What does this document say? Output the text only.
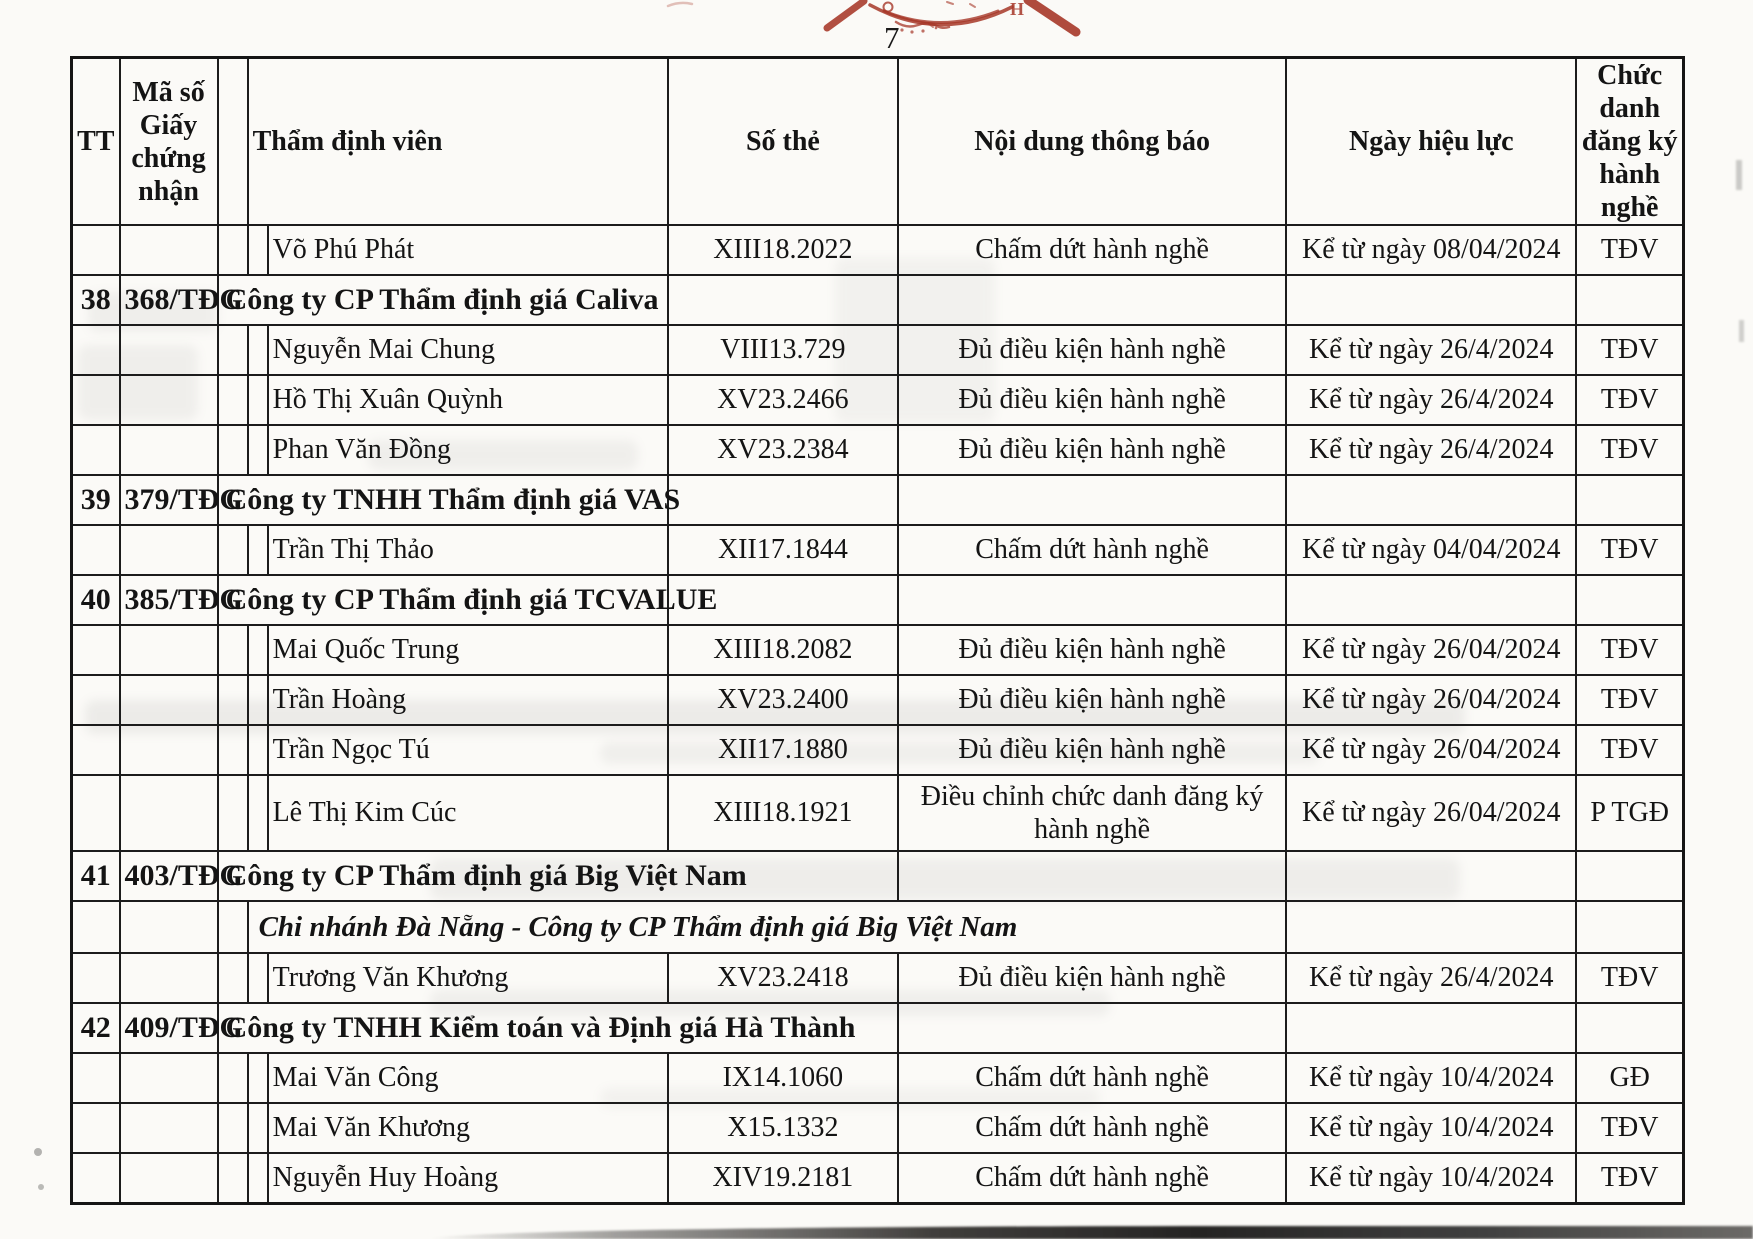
H
7
TT	Mã số Giấy chứng nhận		Thẩm định viên		Số thẻ	Nội dung thông báo	Ngày hiệu lực	Chức danh đăng ký hành nghề
				Võ Phú Phát	XIII18.2022	Chấm dứt hành nghề	Kể từ ngày 08/04/2024	TĐV
38	368/TĐG	Công ty CP Thẩm định giá Caliva						
				Nguyễn Mai Chung	VIII13.729	Đủ điều kiện hành nghề	Kể từ ngày 26/4/2024	TĐV
				Hồ Thị Xuân Quỳnh	XV23.2466	Đủ điều kiện hành nghề	Kể từ ngày 26/4/2024	TĐV
				Phan Văn Đồng	XV23.2384	Đủ điều kiện hành nghề	Kể từ ngày 26/4/2024	TĐV
39	379/TĐG	Công ty TNHH Thẩm định giá VAS						
				Trần Thị Thảo	XII17.1844	Chấm dứt hành nghề	Kể từ ngày 04/04/2024	TĐV
40	385/TĐG	Công ty CP Thẩm định giá TCVALUE						
				Mai Quốc Trung	XIII18.2082	Đủ điều kiện hành nghề	Kể từ ngày 26/04/2024	TĐV
				Trần Hoàng	XV23.2400	Đủ điều kiện hành nghề	Kể từ ngày 26/04/2024	TĐV
				Trần Ngọc Tú	XII17.1880	Đủ điều kiện hành nghề	Kể từ ngày 26/04/2024	TĐV
				Lê Thị Kim Cúc	XIII18.1921	Điều chỉnh chức danh đăng ký hành nghề	Kể từ ngày 26/04/2024	P TGĐ
41	403/TĐG	Công ty CP Thẩm định giá Big Việt Nam						
			Chi nhánh Đà Nẵng - Công ty CP Thẩm định giá Big Việt Nam					
				Trương Văn Khương	XV23.2418	Đủ điều kiện hành nghề	Kể từ ngày 26/4/2024	TĐV
42	409/TĐG	Công ty TNHH Kiểm toán và Định giá Hà Thành						
				Mai Văn Công	IX14.1060	Chấm dứt hành nghề	Kể từ ngày 10/4/2024	GĐ
				Mai Văn Khương	X15.1332	Chấm dứt hành nghề	Kể từ ngày 10/4/2024	TĐV
				Nguyễn Huy Hoàng	XIV19.2181	Chấm dứt hành nghề	Kể từ ngày 10/4/2024	TĐV
